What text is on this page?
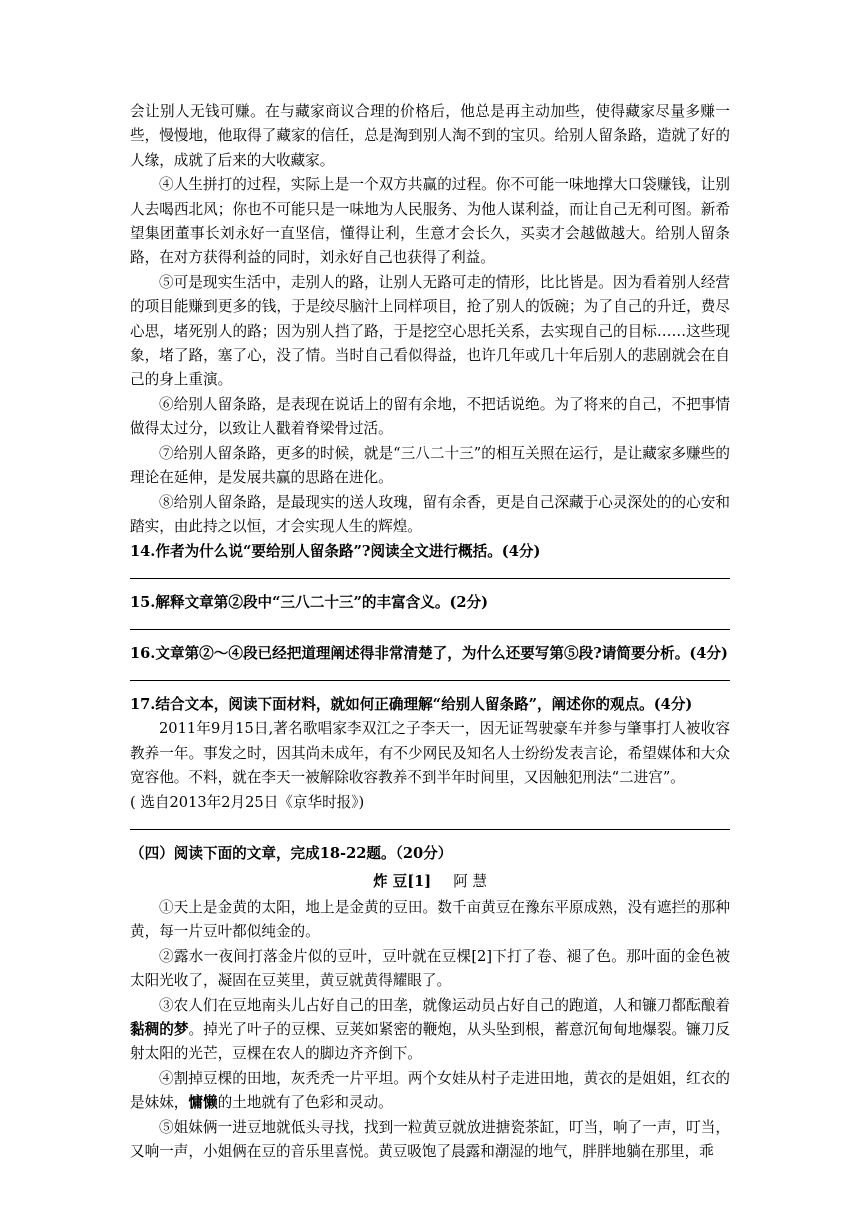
会让别人无钱可赚。在与藏家商议合理的价格后，他总是再主动加些，使得藏家尽量多赚一些，慢慢地，他取得了藏家的信任，总是淘到别人淘不到的宝贝。给别人留条路，造就了好的人缘，成就了后来的大收藏家。

④人生拼打的过程，实际上是一个双方共赢的过程。你不可能一味地撑大口袋赚钱，让别人去喝西北风；你也不可能只是一味地为人民服务、为他人谋利益，而让自己无利可图。新希望集团董事长刘永好一直坚信，懂得让利，生意才会长久，买卖才会越做越大。给别人留条路，在对方获得利益的同时，刘永好自己也获得了利益。

⑤可是现实生活中，走别人的路，让别人无路可走的情形，比比皆是。因为看着别人经营的项目能赚到更多的钱，于是绞尽脑汁上同样项目，抢了别人的饭碗；为了自己的升迁，费尽心思，堵死别人的路；因为别人挡了路，于是挖空心思托关系，去实现自己的目标……这些现象，堵了路，塞了心，没了情。当时自己看似得益，也许几年或几十年后别人的悲剧就会在自己的身上重演。

⑥给别人留条路，是表现在说话上的留有余地，不把话说绝。为了将来的自己，不把事情做得太过分，以致让人戳着脊梁骨过活。

⑦给别人留条路，更多的时候，就是“三八二十三”的相互关照在运行，是让藏家多赚些的理论在延伸，是发展共赢的思路在进化。

⑧给别人留条路，是最现实的送人玫瑰，留有余香，更是自己深藏于心灵深处的的心安和踏实，由此持之以恒，才会实现人生的辉煌。

14.作者为什么说“要给别人留条路”?阅读全文进行概括。(4分)

15.解释文章第②段中“三八二十三”的丰富含义。(2分)

16.文章第②～④段已经把道理阐述得非常清楚了，为什么还要写第⑤段?请简要分析。(4分)

17.结合文本，阅读下面材料，就如何正确理解“给别人留条路”，阐述你的观点。(4分)

2011年9月15日,著名歌唱家李双江之子李天一，因无证驾驶豪车并参与肇事打人被收容教养一年。事发之时，因其尚未成年，有不少网民及知名人士纷纷发表言论，希望媒体和大众宽容他。不料，就在李天一被解除收容教养不到半年时间里，又因触犯刑法“二进宫”。

( 选自2013年2月25日《京华时报》)

（四）阅读下面的文章，完成18-22题。（20分）

炸 豆[1] 阿 慧

①天上是金黄的太阳，地上是金黄的豆田。数千亩黄豆在豫东平原成熟，没有遮拦的那种黄，每一片豆叶都似纯金的。

②露水一夜间打落金片似的豆叶，豆叶就在豆棵[2]下打了卷、褪了色。那叶面的金色被太阳光收了，凝固在豆荚里，黄豆就黄得耀眼了。

③农人们在豆地南头儿占好自己的田垄，就像运动员占好自己的跑道，人和镰刀都酝酿着黏稠的梦。掉光了叶子的豆棵、豆荚如紧密的鞭炮，从头坠到根，蓄意沉甸甸地爆裂。镰刀反射太阳的光芒，豆棵在农人的脚边齐齐倒下。

④割掉豆棵的田地，灰秃秃一片平坦。两个女娃从村子走进田地，黄衣的是姐姐，红衣的是妹妹，慵懒的土地就有了色彩和灵动。

⑤姐妹俩一进豆地就低头寻找，找到一粒黄豆就放进搪瓷茶缸，叮当，响了一声，叮当，又响一声，小姐俩在豆的音乐里喜悦。黄豆吸饱了晨露和潮湿的地气，胖胖地躺在那里，乖
